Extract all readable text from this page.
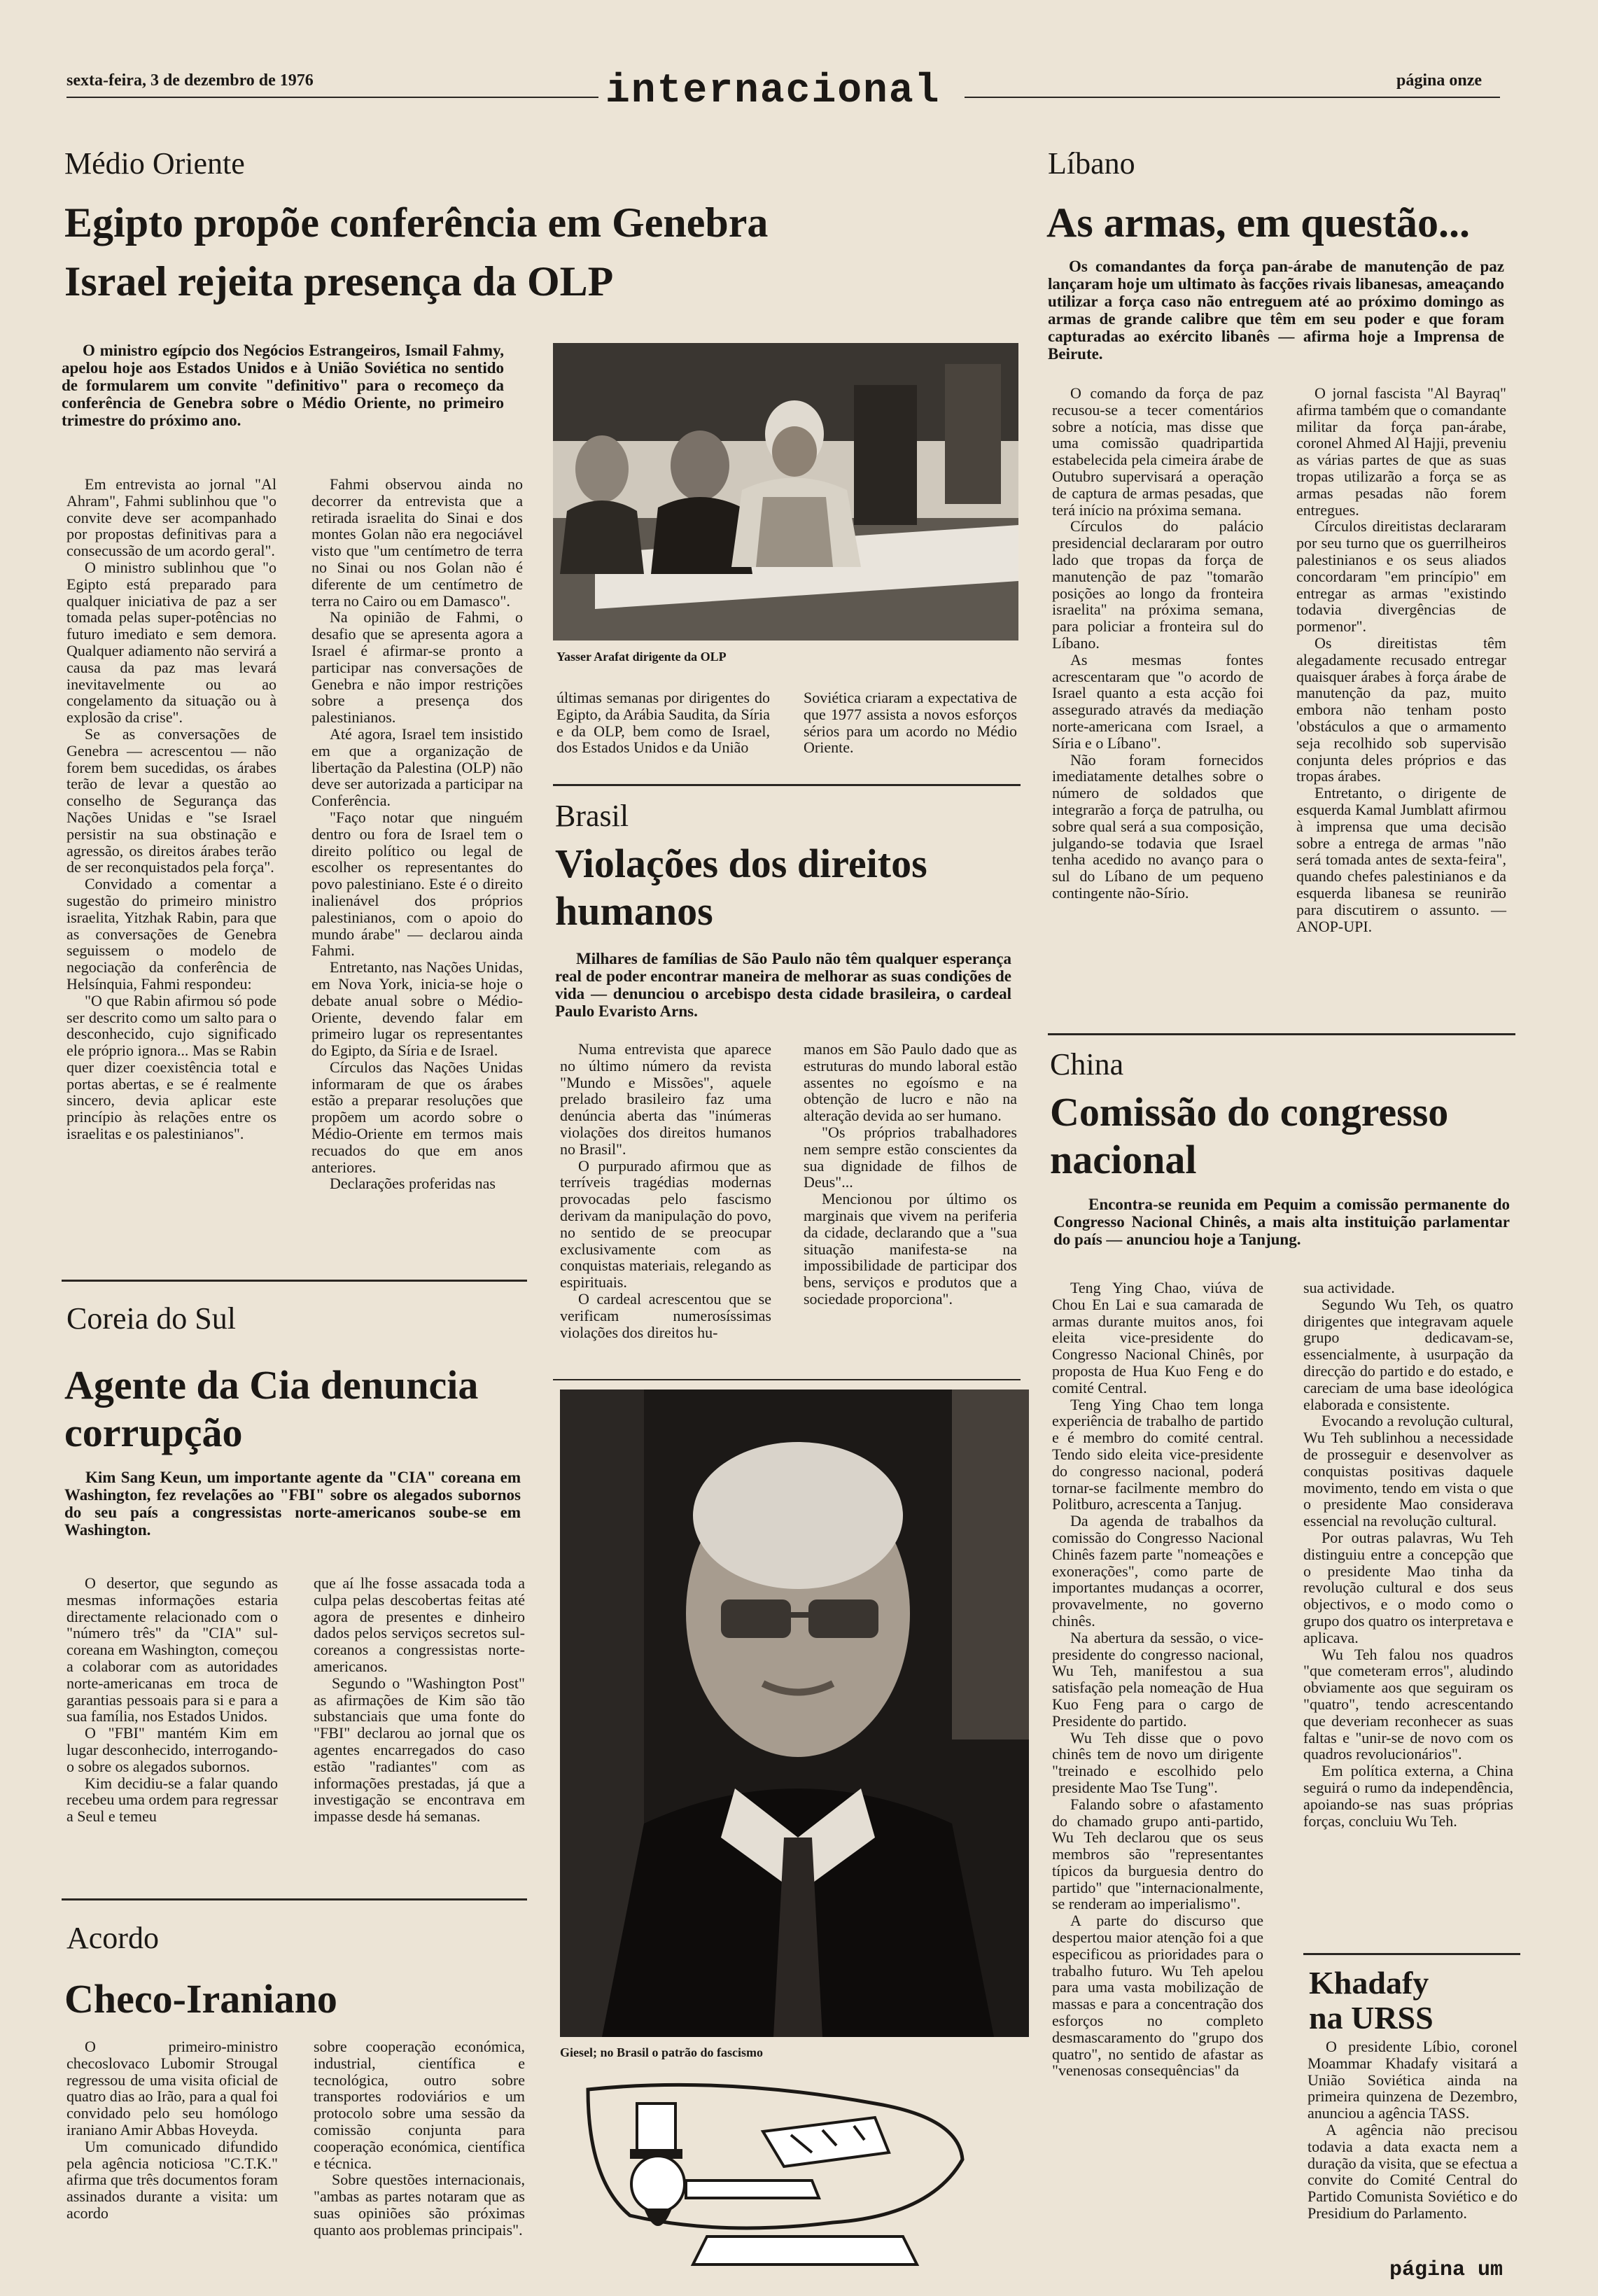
sexta-feira, 3 de dezembro de 1976	internacional	página onze
Médio Oriente
Egipto propõe conferência em Genebra
Israel rejeita presença da OLP
O ministro egípcio dos Negócios Estrangeiros, Ismail Fahmy, apelou hoje aos Estados Unidos e à União Soviética no sentido de formularem um convite "definitivo" para o recomeço da conferência de Genebra sobre o Médio Oriente, no primeiro trimestre do próximo ano.

Em entrevista ao jornal "Al Ahram", Fahmi sublinhou que "o convite deve ser acompanhado por propostas definitivas para a consecussão de um acordo geral".

O ministro sublinhou que "o Egipto está preparado para qualquer iniciativa de paz a ser tomada pelas super-potências no futuro imediato e sem demora. Qualquer adiamento não servirá a causa da paz mas levará inevitavelmente ou ao congelamento da situação ou à explosão da crise".

Se as conversações de Genebra — acrescentou — não forem bem sucedidas, os árabes terão de levar a questão ao conselho de Segurança das Nações Unidas e "se Israel persistir na sua obstinação e agressão, os direitos árabes terão de ser reconquistados pela força".

Convidado a comentar a sugestão do primeiro ministro israelita, Yitzhak Rabin, para que as conversações de Genebra seguissem o modelo de negociação da conferência de Helsínquia, Fahmi respondeu:

"O que Rabin afirmou só pode ser descrito como um salto para o desconhecido, cujo significado ele próprio ignora... Mas se Rabin quer dizer coexistência total e portas abertas, e se é realmente sincero, devia aplicar este princípio às relações entre os israelitas e os palestinianos".

Fahmi observou ainda no decorrer da entrevista que a retirada israelita do Sinai e dos montes Golan não era negociável visto que "um centímetro de terra no Sinai ou nos Golan não é diferente de um centímetro de terra no Cairo ou em Damasco".

Na opinião de Fahmi, o desafio que se apresenta agora a Israel é afirmar-se pronto a participar nas conversações de Genebra e não impor restrições sobre a presença dos palestinianos.

Até agora, Israel tem insistido em que a organização de libertação da Palestina (OLP) não deve ser autorizada a participar na Conferência.

"Faço notar que ninguém dentro ou fora de Israel tem o direito político ou legal de escolher os representantes do povo palestiniano. Este é o direito inalienável dos próprios palestinianos, com o apoio do mundo árabe" — declarou ainda Fahmi.

Entretanto, nas Nações Unidas, em Nova York, inicia-se hoje o debate anual sobre o Médio-Oriente, devendo falar em primeiro lugar os representantes do Egipto, da Síria e de Israel.

Círculos das Nações Unidas informaram de que os árabes estão a preparar resoluções que propõem um acordo sobre o Médio-Oriente em termos mais recuados do que em anos anteriores.

Declarações proferidas nas

Yasser Arafat dirigente da OLP

últimas semanas por dirigentes do Egipto, da Arábia Saudita, da Síria e da OLP, bem como de Israel, dos Estados Unidos e da União

Soviética criaram a expectativa de que 1977 assista a novos esforços sérios para um acordo no Médio Oriente.

Brasil
Violações dos direitos humanos
Milhares de famílias de São Paulo não têm qualquer esperança real de poder encontrar maneira de melhorar as suas condições de vida — denunciou o arcebispo desta cidade brasileira, o cardeal Paulo Evaristo Arns.

Numa entrevista que aparece no último número da revista "Mundo e Missões", aquele prelado brasileiro faz uma denúncia aberta das "inúmeras violações dos direitos humanos no Brasil".

O purpurado afirmou que as terríveis tragédias modernas provocadas pelo fascismo derivam da manipulação do povo, no sentido de se preocupar exclusivamente com as conquistas materiais, relegando as espirituais.

O cardeal acrescentou que se verificam numerosíssimas violações dos direitos hu-

manos em São Paulo dado que as estruturas do mundo laboral estão assentes no egoísmo e na obtenção de lucro e não na alteração devida ao ser humano.

"Os próprios trabalhadores nem sempre estão conscientes da sua dignidade de filhos de Deus"...

Mencionou por último os marginais que vivem na periferia da cidade, declarando que a "sua situação manifesta-se na impossibilidade de participar dos bens, serviços e produtos que a sociedade proporciona".

Giesel; no Brasil o patrão do fascismo
Coreia do Sul
Agente da Cia denuncia corrupção
Kim Sang Keun, um importante agente da "CIA" coreana em Washington, fez revelações ao "FBI" sobre os alegados subornos do seu país a congressistas norte-americanos soube-se em Washington.

O desertor, que segundo as mesmas informações estaria directamente relacionado com o "número três" da "CIA" sul-coreana em Washington, começou a colaborar com as autoridades norte-americanas em troca de garantias pessoais para si e para a sua família, nos Estados Unidos.

O "FBI" mantém Kim em lugar desconhecido, interrogando-o sobre os alegados subornos.

Kim decidiu-se a falar quando recebeu uma ordem para regressar a Seul e temeu

que aí lhe fosse assacada toda a culpa pelas descobertas feitas até agora de presentes e dinheiro dados pelos serviços secretos sul-coreanos a congressistas norte-americanos.

Segundo o "Washington Post" as afirmações de Kim são tão substanciais que uma fonte do "FBI" declarou ao jornal que os agentes encarregados do caso estão "radiantes" com as informações prestadas, já que a investigação se encontrava em impasse desde há semanas.

Acordo
Checo-Iraniano

O primeiro-ministro checoslovaco Lubomir Strougal regressou de uma visita oficial de quatro dias ao Irão, para a qual foi convidado pelo seu homólogo iraniano Amir Abbas Hoveyda.

Um comunicado difundido pela agência noticiosa "C.T.K." afirma que três documentos foram assinados durante a visita: um acordo

sobre cooperação económica, industrial, científica e tecnológica, outro sobre transportes rodoviários e um protocolo sobre uma sessão da comissão conjunta para cooperação económica, científica e técnica.

Sobre questões internacionais, "ambas as partes notaram que as suas opiniões são próximas quanto aos problemas principais".

Líbano
As armas, em questão...
Os comandantes da força pan-árabe de manutenção de paz lançaram hoje um ultimato às facções rivais libanesas, ameaçando utilizar a força caso não entreguem até ao próximo domingo as armas de grande calibre que têm em seu poder e que foram capturadas ao exército libanês — afirma hoje a Imprensa de Beirute.

O comando da força de paz recusou-se a tecer comentários sobre a notícia, mas disse que uma comissão quadripartida estabelecida pela cimeira árabe de Outubro supervisará a operação de captura de armas pesadas, que terá início na próxima semana.

Círculos do palácio presidencial declararam por outro lado que tropas da força de manutenção de paz "tomarão posições ao longo da fronteira israelita" na próxima semana, para policiar a fronteira sul do Líbano.

As mesmas fontes acrescentaram que "o acordo de Israel quanto a esta acção foi assegurado através da mediação norte-americana com Israel, a Síria e o Líbano".

Não foram fornecidos imediatamente detalhes sobre o número de soldados que integrarão a força de patrulha, ou sobre qual será a sua composição, julgando-se todavia que Israel tenha acedido no avanço para o sul do Líbano de um pequeno contingente não-Sírio.

O jornal fascista "Al Bayraq" afirma também que o comandante militar da força pan-árabe, coronel Ahmed Al Hajji, preveniu as várias partes de que as suas tropas utilizarão a força se as armas pesadas não forem entregues.

Círculos direitistas declararam por seu turno que os guerrilheiros palestinianos e os seus aliados concordaram "em princípio" em entregar as armas "existindo todavia divergências de pormenor".

Os direitistas têm alegadamente recusado entregar quaisquer árabes à força árabe de manutenção da paz, muito embora não tenham posto 'obstáculos a que o armamento seja recolhido sob supervisão conjunta deles próprios e das tropas árabes.

Entretanto, o dirigente de esquerda Kamal Jumblatt afirmou à imprensa que uma decisão sobre a entrega de armas "não será tomada antes de sexta-feira", quando chefes palestinianos e da esquerda libanesa se reunirão para discutirem o assunto. — ANOP-UPI.

China
Comissão do congresso nacional
Encontra-se reunida em Pequim a comissão permanente do Congresso Nacional Chinês, a mais alta instituição parlamentar do país — anunciou hoje a Tanjung.

Teng Ying Chao, viúva de Chou En Lai e sua camarada de armas durante muitos anos, foi eleita vice-presidente do Congresso Nacional Chinês, por proposta de Hua Kuo Feng e do comité Central.

Teng Ying Chao tem longa experiência de trabalho de partido e é membro do comité central. Tendo sido eleita vice-presidente do congresso nacional, poderá tornar-se facilmente membro do Politburo, acrescenta a Tanjug.

Da agenda de trabalhos da comissão do Congresso Nacional Chinês fazem parte "nomeações e exonerações", como parte de importantes mudanças a ocorrer, provavelmente, no governo chinês.

Na abertura da sessão, o vice-presidente do congresso nacional, Wu Teh, manifestou a sua satisfação pela nomeação de Hua Kuo Feng para o cargo de Presidente do partido.

Wu Teh disse que o povo chinês tem de novo um dirigente "treinado e escolhido pelo presidente Mao Tse Tung".

Falando sobre o afastamento do chamado grupo anti-partido, Wu Teh declarou que os seus membros são "representantes típicos da burguesia dentro do partido" que "internacionalmente, se renderam ao imperialismo".

A parte do discurso que despertou maior atenção foi a que especificou as prioridades para o trabalho futuro. Wu Teh apelou para uma vasta mobilização de massas e para a concentração dos esforços no completo desmascaramento do "grupo dos quatro", no sentido de afastar as "venenosas consequências" da

sua actividade.

Segundo Wu Teh, os quatro dirigentes que integravam aquele grupo dedicavam-se, essencialmente, à usurpação da direcção do partido e do estado, e careciam de uma base ideológica elaborada e consistente.

Evocando a revolução cultural, Wu Teh sublinhou a necessidade de prosseguir e desenvolver as conquistas positivas daquele movimento, tendo em vista o que o presidente Mao considerava essencial na revolução cultural.

Por outras palavras, Wu Teh distinguiu entre a concepção que o presidente Mao tinha da revolução cultural e dos seus objectivos, e o modo como o grupo dos quatro os interpretava e aplicava.

Wu Teh falou nos quadros "que cometeram erros", aludindo obviamente aos que seguiram os "quatro", tendo acrescentando que deveriam reconhecer as suas faltas e "unir-se de novo com os quadros revolucionários".

Em política externa, a China seguirá o rumo da independência, apoiando-se nas suas próprias forças, concluiu Wu Teh.

Khadafy
na URSS

O presidente Líbio, coronel Moammar Khadafy visitará a União Soviética ainda na primeira quinzena de Dezembro, anunciou a agência TASS.

A agência não precisou todavia a data exacta nem a duração da visita, que se efectua a convite do Comité Central do Partido Comunista Soviético e do Presidium do Parlamento.

página um
